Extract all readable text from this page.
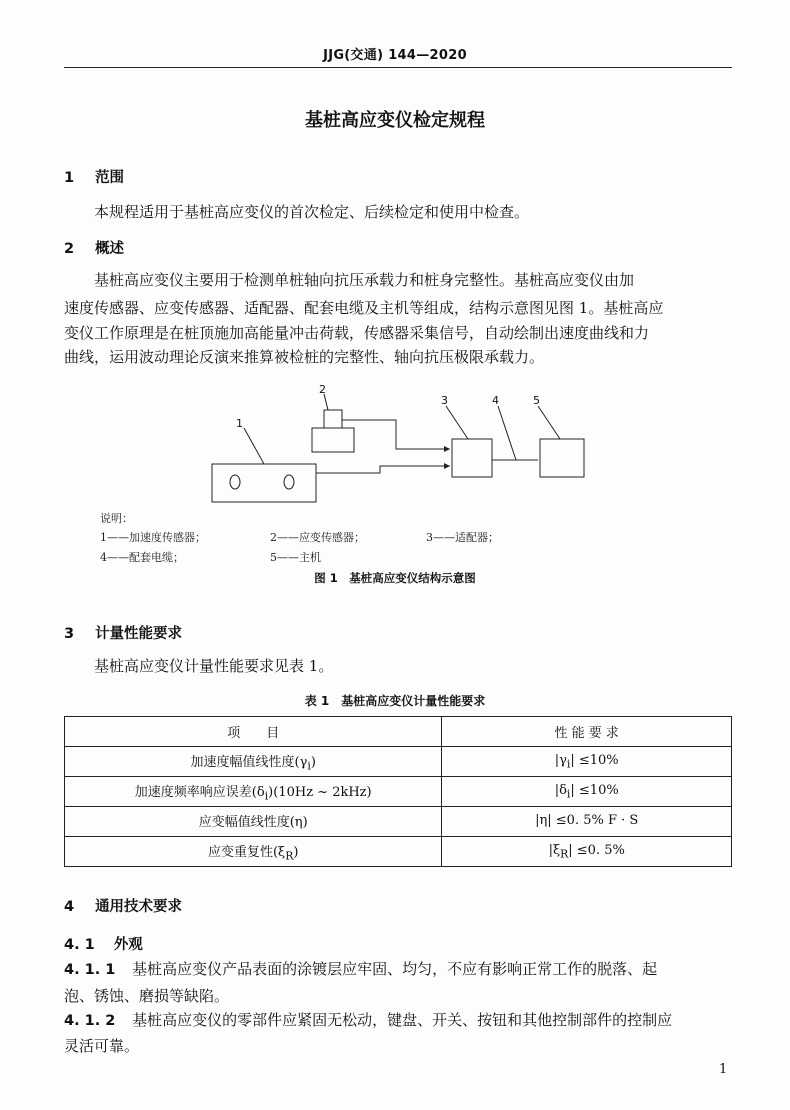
JJG(交通) 144—2020
基桩高应变仪检定规程
1 范围
本规程适用于基桩高应变仪的首次检定、后续检定和使用中检查。
2 概述
基桩高应变仪主要用于检测单桩轴向抗压承载力和桩身完整性。基桩高应变仪由加
速度传感器、应变传感器、适配器、配套电缆及主机等组成，结构示意图见图 1。基桩高应
变仪工作原理是在桩顶施加高能量冲击荷载，传感器采集信号，自动绘制出速度曲线和力
曲线，运用波动理论反演来推算被检桩的完整性、轴向抗压极限承载力。
1
2
3	4	5
说明：
1——加速度传感器；	2——应变传感器；	3——适配器；
4——配套电缆；	5——主机
图 1　基桩高应变仪结构示意图
3 计量性能要求
基桩高应变仪计量性能要求见表 1。
表 1　基桩高应变仪计量性能要求
项　　目	性 能 要 求
加速度幅值线性度$(\gamma_i)$	$|\gamma_i| \le 10\%$
加速度频率响应误差$(\delta_i)(10Hz$ ~ 2kHz)	$|\delta_i| \le 10\%$
应变幅值线性度(η)	|η| ≤0. 5% F · S
应变重复性$(\xi_R)$	$|\xi_R| \le 0$. 5%
4 通用技术要求
4. 1 外观
4. 1. 1 基桩高应变仪产品表面的涂镀层应牢固、均匀，不应有影响正常工作的脱落、起
泡、锈蚀、磨损等缺陷。
4. 1. 2 基桩高应变仪的零部件应紧固无松动，键盘、开关、按钮和其他控制部件的控制应
灵活可靠。
1
